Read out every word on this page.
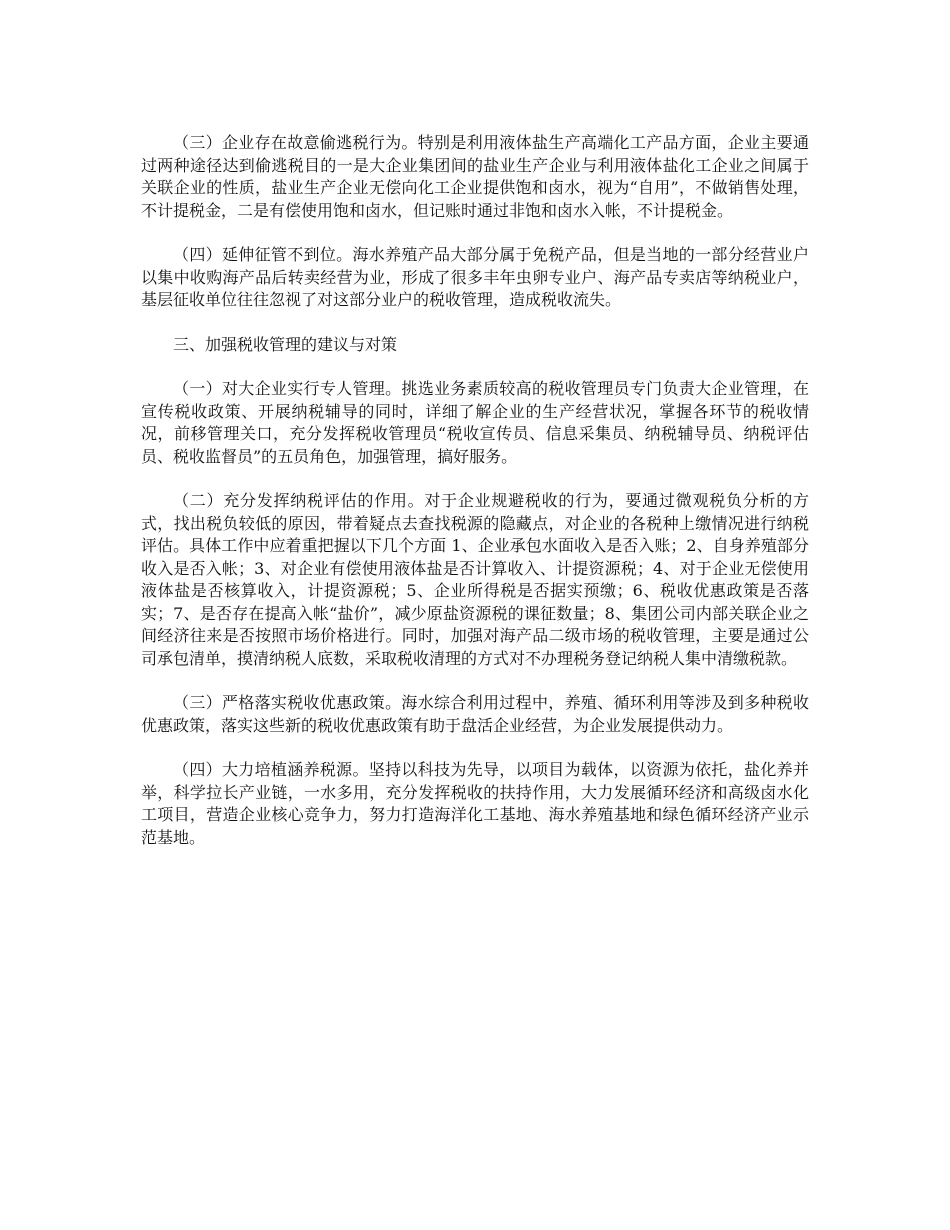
（三）企业存在故意偷逃税行为。特别是利用液体盐生产高端化工产品方面，企业主要通过两种途径达到偷逃税目的一是大企业集团间的盐业生产企业与利用液体盐化工企业之间属于关联企业的性质，盐业生产企业无偿向化工企业提供饱和卤水，视为“自用”，不做销售处理，不计提税金，二是有偿使用饱和卤水，但记账时通过非饱和卤水入帐，不计提税金。

（四）延伸征管不到位。海水养殖产品大部分属于免税产品，但是当地的一部分经营业户以集中收购海产品后转卖经营为业，形成了很多丰年虫卵专业户、海产品专卖店等纳税业户，基层征收单位往往忽视了对这部分业户的税收管理，造成税收流失。

三、加强税收管理的建议与对策

（一）对大企业实行专人管理。挑选业务素质较高的税收管理员专门负责大企业管理，在宣传税收政策、开展纳税辅导的同时，详细了解企业的生产经营状况，掌握各环节的税收情况，前移管理关口，充分发挥税收管理员“税收宣传员、信息采集员、纳税辅导员、纳税评估员、税收监督员”的五员角色，加强管理，搞好服务。

（二）充分发挥纳税评估的作用。对于企业规避税收的行为，要通过微观税负分析的方式，找出税负较低的原因，带着疑点去查找税源的隐藏点，对企业的各税种上缴情况进行纳税评估。具体工作中应着重把握以下几个方面 1、企业承包水面收入是否入账；2、自身养殖部分收入是否入帐；3、对企业有偿使用液体盐是否计算收入、计提资源税；4、对于企业无偿使用液体盐是否核算收入，计提资源税；5、企业所得税是否据实预缴；6、税收优惠政策是否落实；7、是否存在提高入帐“盐价”，减少原盐资源税的课征数量；8、集团公司内部关联企业之间经济往来是否按照市场价格进行。同时，加强对海产品二级市场的税收管理，主要是通过公司承包清单，摸清纳税人底数，采取税收清理的方式对不办理税务登记纳税人集中清缴税款。

（三）严格落实税收优惠政策。海水综合利用过程中，养殖、循环利用等涉及到多种税收优惠政策，落实这些新的税收优惠政策有助于盘活企业经营，为企业发展提供动力。

（四）大力培植涵养税源。坚持以科技为先导，以项目为载体，以资源为依托，盐化养并举，科学拉长产业链，一水多用，充分发挥税收的扶持作用，大力发展循环经济和高级卤水化工项目，营造企业核心竞争力，努力打造海洋化工基地、海水养殖基地和绿色循环经济产业示范基地。
